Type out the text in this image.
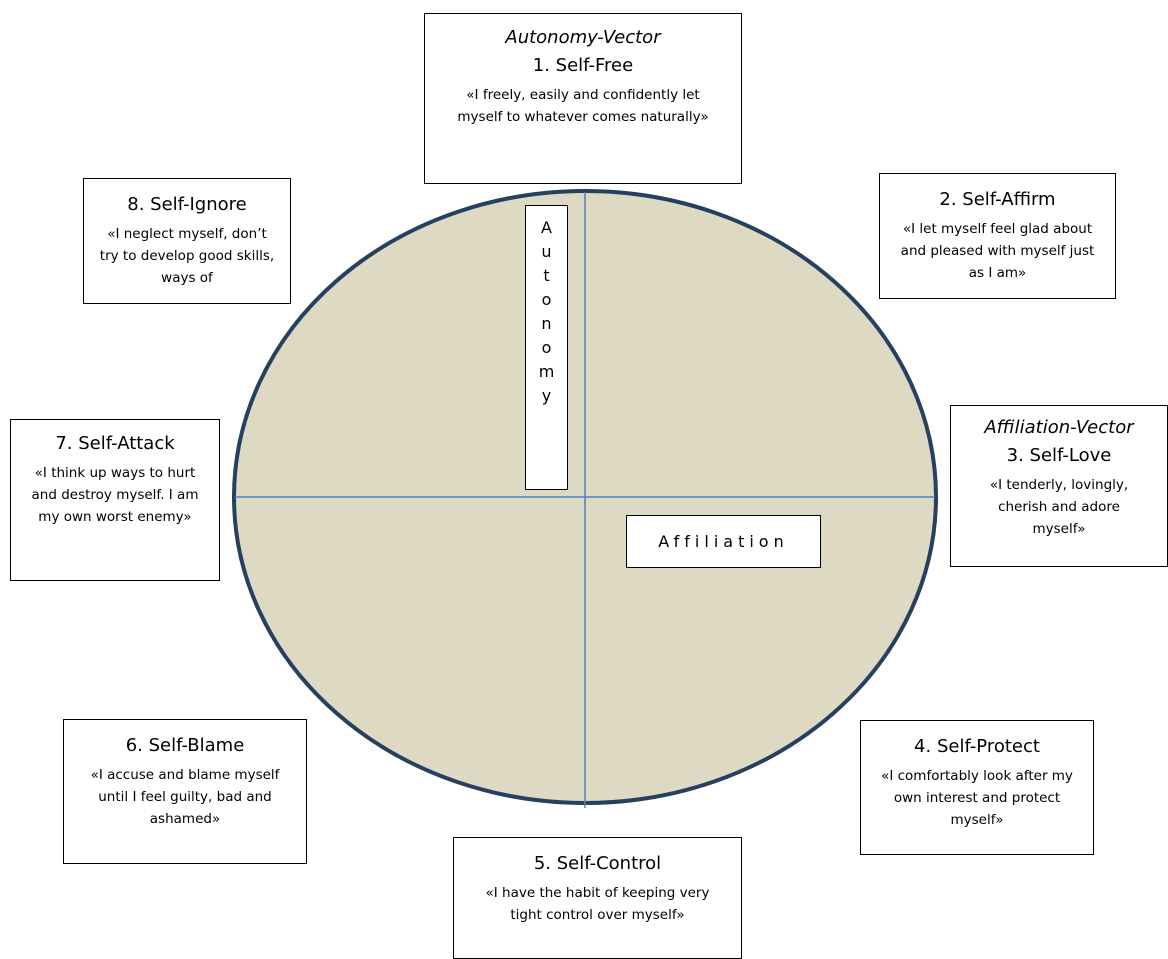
A
u
t
o
n
o
m
y
Affiliation
Autonomy-Vector
1. Self-Free
«I freely, easily and confidently let myself to whatever comes naturally»
2. Self-Affirm
«I let myself feel glad about and pleased with myself just as I am»
Affiliation-Vector
3. Self-Love
«I tenderly, lovingly, cherish and adore myself»
4. Self-Protect
«I comfortably look after my own interest and protect myself»
5. Self-Control
«I have the habit of keeping very tight control over myself»
6. Self-Blame
«I accuse and blame myself until I feel guilty, bad and ashamed»
7. Self-Attack
«I think up ways to hurt and destroy myself. I am my own worst enemy»
8. Self-Ignore
«I neglect myself, don’t try to develop good skills, ways of
